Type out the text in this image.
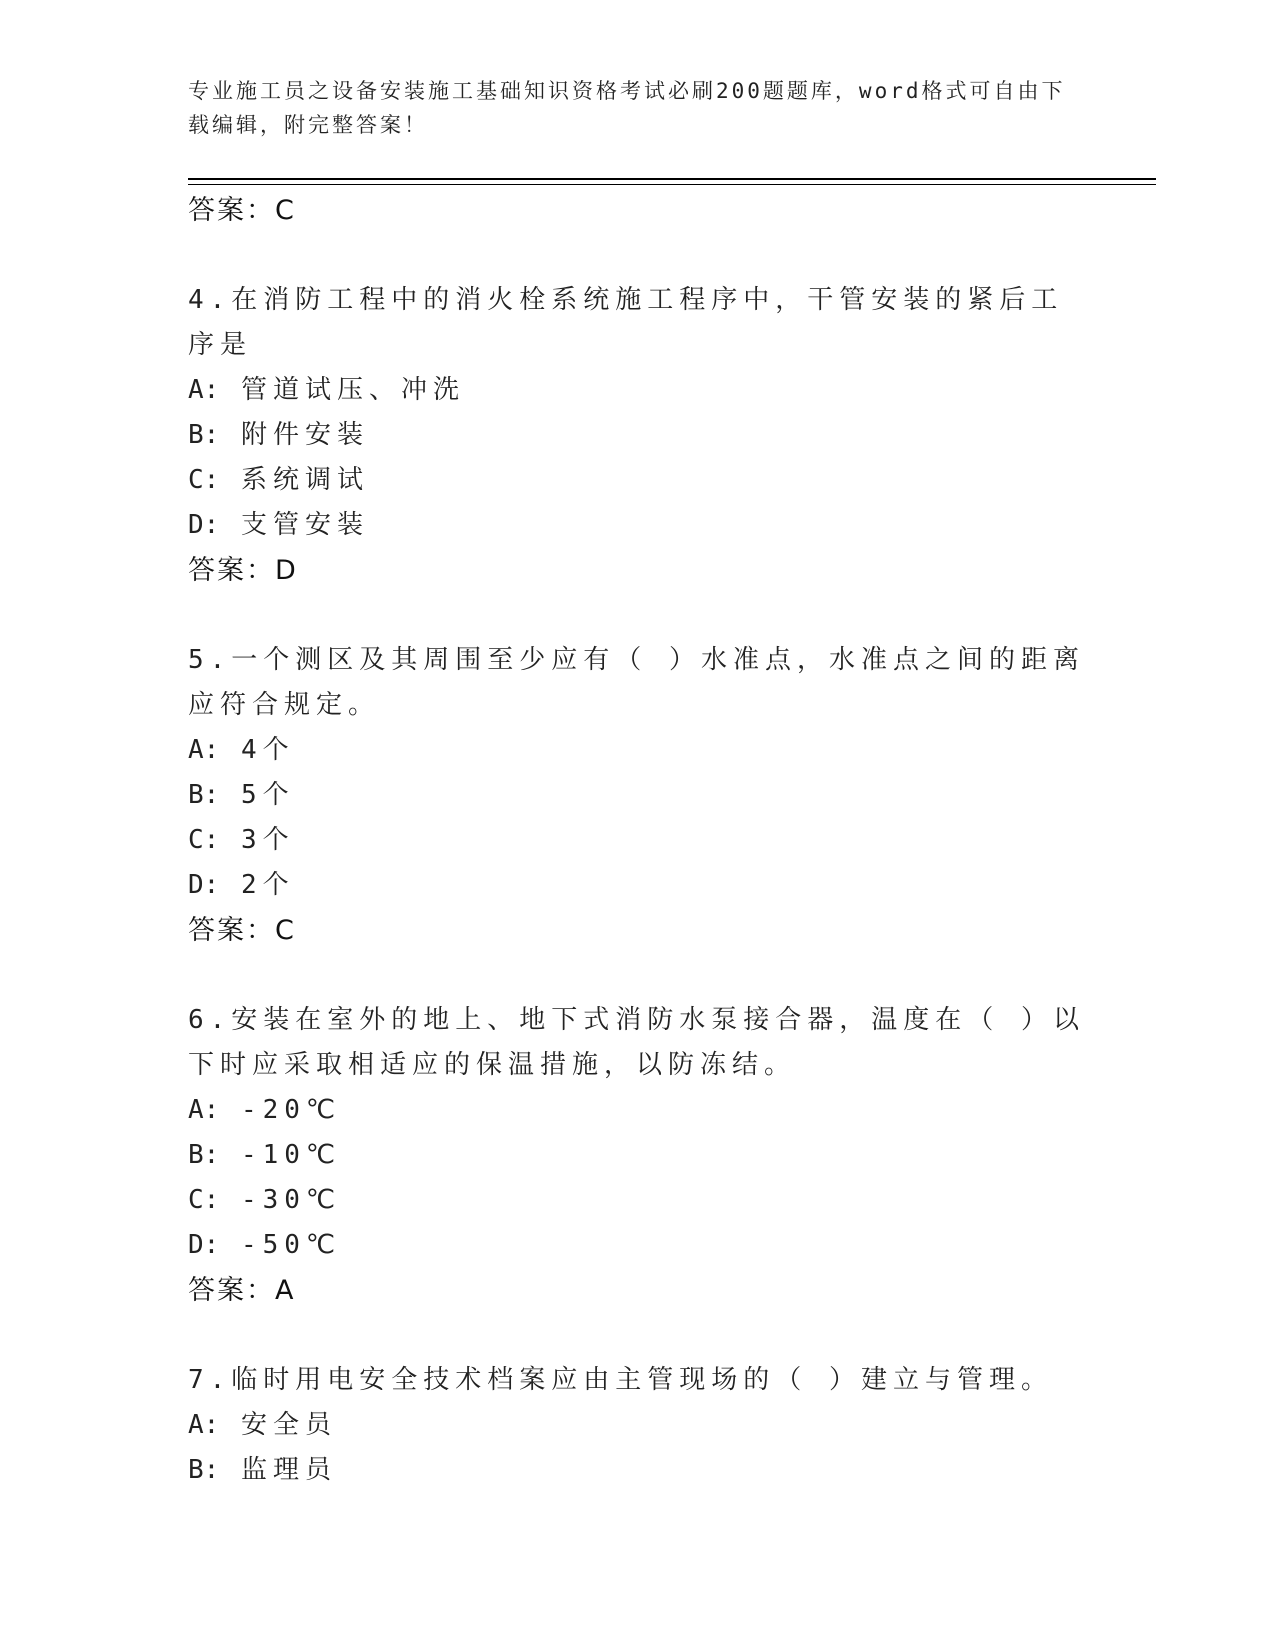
专业施工员之设备安装施工基础知识资格考试必刷200题题库，word格式可自由下载编辑，附完整答案！
答案：C
4.在消防工程中的消火栓系统施工程序中，干管安装的紧后工序是
A: 管道试压、冲洗
B: 附件安装
C: 系统调试
D: 支管安装
答案：D
5.一个测区及其周围至少应有（ ）水准点，水准点之间的距离应符合规定。
A: 4个
B: 5个
C: 3个
D: 2个
答案：C
6.安装在室外的地上、地下式消防水泵接合器，温度在（ ）以下时应采取相适应的保温措施，以防冻结。
A: -20℃
B: -10℃
C: -30℃
D: -50℃
答案：A
7.临时用电安全技术档案应由主管现场的（ ）建立与管理。
A: 安全员
B: 监理员
